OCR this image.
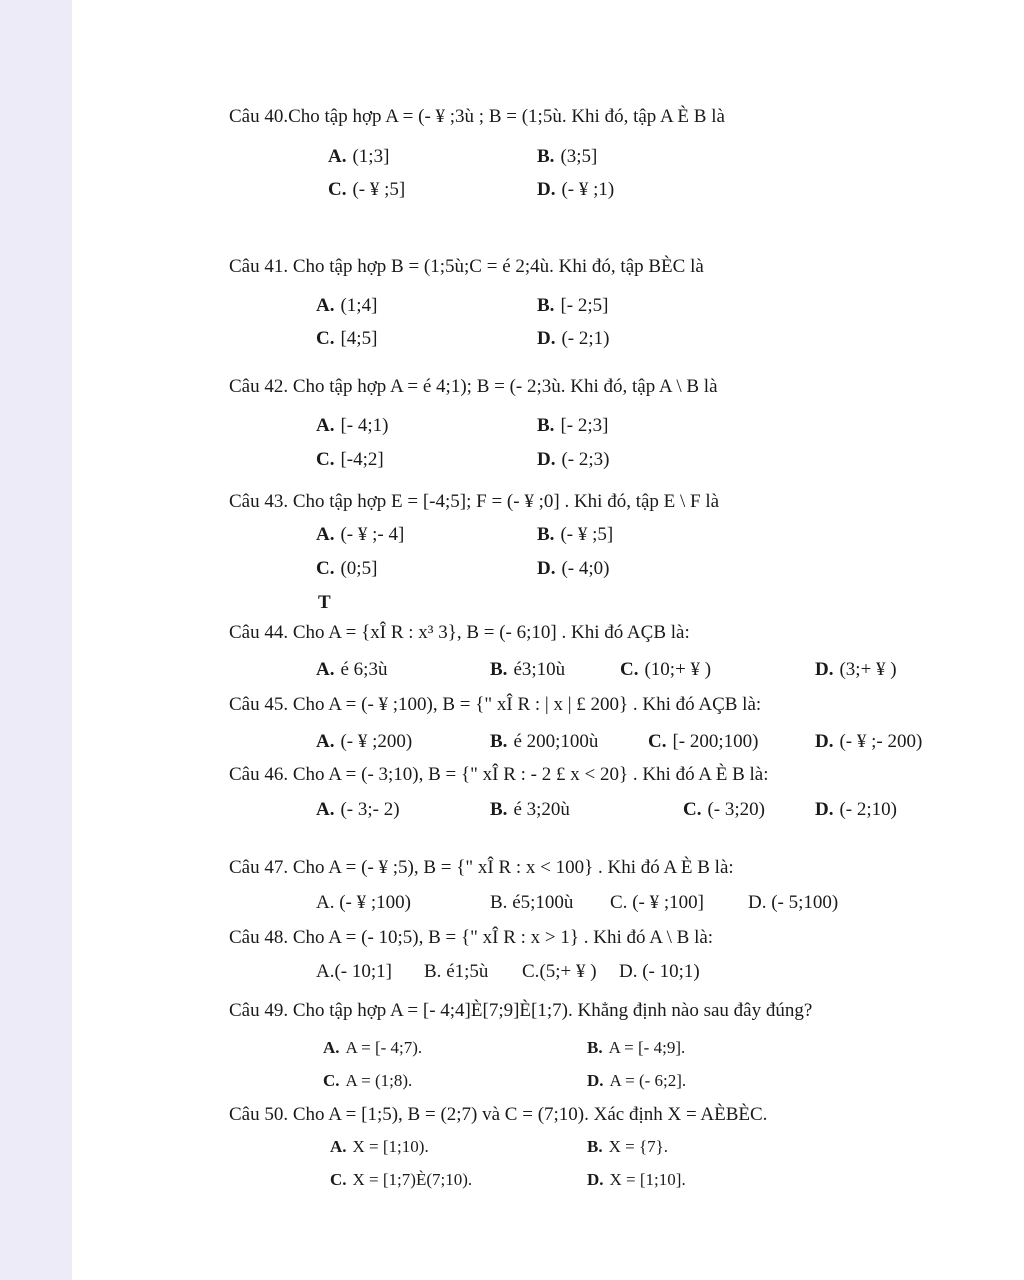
Câu 40.Cho tập hợp A = (- ¥ ;3ù ; B = (1;5ù. Khi đó, tập A È B là
A. (1;3]	B. (3;5]
C. (- ¥ ;5]	D. (- ¥ ;1)
Câu 41. Cho tập hợp B = (1;5ù;C = é 2;4ù. Khi đó, tập BÈC là
A. (1;4]	B. [- 2;5]
C. [4;5]	D. (- 2;1)
Câu 42. Cho tập hợp A = é 4;1); B = (- 2;3ù. Khi đó, tập A \ B là
A. [- 4;1)	B. [- 2;3]
C. [-4;2]	D. (- 2;3)
Câu 43. Cho tập hợp E = [-4;5]; F = (- ¥ ;0] . Khi đó, tập E \ F là
A. (- ¥ ;- 4]	B. (- ¥ ;5]
C. (0;5]	D. (- 4;0)
T
Câu 44. Cho A = {xÎ R : x³ 3}, B = (- 6;10] . Khi đó AÇB là:
A. é 6;3ù	B. é3;10ù	C. (10;+ ¥ )	D. (3;+ ¥ )
Câu 45. Cho A = (- ¥ ;100), B = {" xÎ R : | x | £ 200} . Khi đó AÇB là:
A. (- ¥ ;200)	B. é 200;100ù	C. [- 200;100)	D. (- ¥ ;- 200)
Câu 46. Cho A = (- 3;10), B = {" xÎ R : - 2 £ x < 20} . Khi đó A È B là:
A. (- 3;- 2)	B. é 3;20ù	C. (- 3;20)	D. (- 2;10)
Câu 47. Cho A = (- ¥ ;5), B = {" xÎ R : x < 100} . Khi đó A È B là:
A. (- ¥ ;100)	B. é5;100ù C. (- ¥ ;100] D. (- 5;100)
Câu 48. Cho A = (- 10;5), B = {" xÎ R : x > 1} . Khi đó A \ B là:
A.(- 10;1] B. é1;5ù C.(5;+ ¥ ) D. (- 10;1)
Câu 49. Cho tập hợp A = [- 4;4]È[7;9]È[1;7). Khẳng định nào sau đây đúng?
A. A = [- 4;7).	B. A = [- 4;9].
C. A = (1;8).	D. A = (- 6;2].
Câu 50. Cho A = [1;5), B = (2;7) và C = (7;10). Xác định X = AÈBÈC.
A. X = [1;10).	B. X = {7}.
C. X = [1;7)È(7;10).	D. X = [1;10].
